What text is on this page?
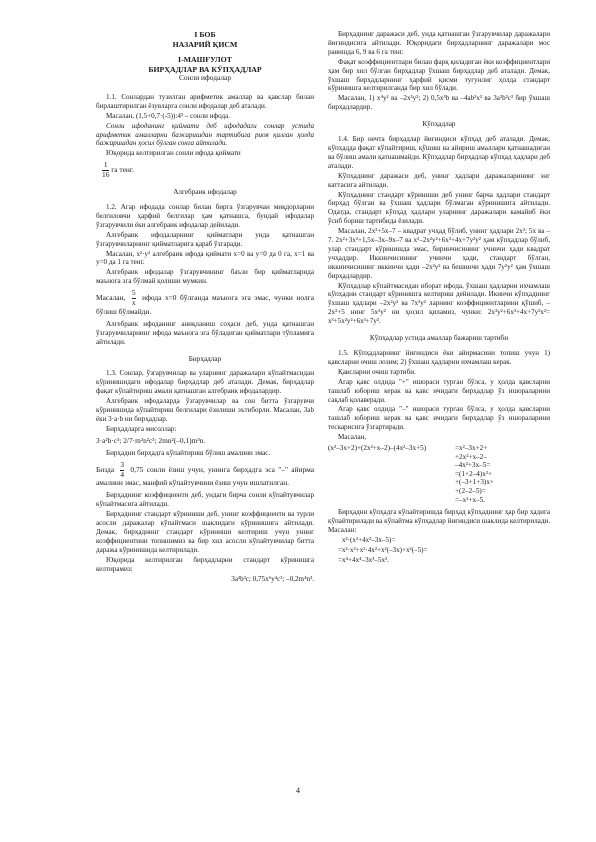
I БОБ
НАЗАРИЙ ҚИСМ
I-МАШҒУЛОТ
БИРҲАДЛАР ВА КЎПҲАДЛАР
Сонли ифодалар

1.1. Сонлардан тузилган арифметик амаллар ва қавслар билан бирлаштирилган ёзувларга сонли ифодалар деб аталади.

Масалан, (1,5+0,7·(-5)):4³ – сонли ифода.

Сонли ифоданинг қиймати деб ифодадаги сонлар устида арифметик амалларни бажаришдан тартибига риоя қилган ҳолда бажаришдан ҳосил бўлган сонга айтилади.

Юқорида келтирилган сонли ифода қиймати

$\frac{1}{16}$ га тенг.
Алгебраик ифодалар

1.2. Агар ифодада сонлар билан бирга ўзгарувчан миқдорларни белгиловчи ҳарфий белгилар ҳам қатнашса, бундай ифодалар ўзгарувчили ёки алгебраик ифодалар дейилади.

Алгебраик ифодаларнинг қийматлари унда қатнашган ўзгарувчиларнинг қийматларига қараб ўзгаради.

Масалан, x²·y² алгебраик ифода қиймати x=0 ва y=0 да 0 га, x=1 ва y=0 да 1 га тенг.

Алгебраик ифодалар ўзгарувчининг баъзи бир қийматларида маънога эга бўлмай қолиши мумкин.

Масалан, $\frac{5}{x}$ ифода x=0 бўлганда маънога эга эмас, чунки нолга бўлиш бўлмайди.

Алгебраик ифоданинг аниқланиш соҳаси деб, унда қатнашган ўзгарувчиларнинг ифода маънога эга бўладиган қийматлари тўпламига айтилади.

Бирҳадлар

1.3. Сонлар, ўзгарувчилар ва уларнинг даражалари кўпайтмасидан кўринишидаги ифодалар бирҳадлар деб аталади. Демак, бирҳадлар фақат кўпайтириш амали қатнашган алгебраик ифодалардир.

Алгебраик ифодаларда ўзгарувчилар ва сон битта ўзгарувчи кўринишида кўпайтириш белгилари ёзилиши эътиборли. Масалан, 3ab ёки 3·a·b ни бирҳадлар.

Бирҳадларга мисоллар:

3·a²b·c³; 2/7·m²n²c³; 2mn²(–0,1)m³n.

Бирҳадни бирҳадга кўпайтириш бўлиш амалини эмас.

Бизда $\frac{3}{4} 0,75$ сонли ёзиш учун, унинга бирҳадга эса "–" айирма амалини эмас, манфий кўпайтувчини ёзиш учун ишлатилган.

Бирҳаднинг коэффициенти деб, ундаги бирча сонли кўпайтувчилар кўпайтмасига айтилади.

Бирҳаднинг стандарт кўриниши деб, унинг коэффициенти ва турли асосли даражалар кўпайтмаси шаклидаги кўринишига айтилади. Демак, бирҳаднинг стандарт кўриниши келтириш учун унинг коэффициентини топишимиз ва бир хил асосли кўпайтувчилар битта даража кўринишида келтирилади.

Юқорида келтирилган бирҳадларни стандарт кўринишга келтирамиз:

3a³b³c; 0,75x⁶y⁴c²; –0,2m⁴n³.

Бирҳаднинг даражаси деб, унда қатнашган ўзгарувчилар даражалари йиғиндисига айтилади. Юқоридаги бирҳадларнинг даражалари мос равишда 6, 9 ва 6 га тенг.

Фақат коэффициентлари билан фарқ қиладиган ёки коэффициентлари ҳам бир хил бўлган бирҳадлар ўхшаш бирҳадлар деб аталади. Демак, ўхшаш бирҳадларнинг ҳарфий қисми тугунлиг ҳолда стандарт кўринишга келтирилганда бир хил бўлади.

Масалан, 1) x⁴y² ва –2x²y²; 2) 0,5x³b ва –4ab²x³ ва 3a²b²c³ бир ўхшаш бирҳадлардир.

Кўпҳадлар

1.4. Бир нечта бирҳадлар йиғиндиси кўпҳад деб аталади. Демак, кўпҳадда фақат кўпайтириш, қўшиш ва айириш амаллари қатнашадиган ва бўлиш амали қатнашмайди. Кўпҳадлар бирҳадлар кўпҳад ҳадлари деб аталади.

Кўпҳаднинг даражаси деб, унинг ҳадлари даражаларининг энг каттасига айтилади.

Кўпҳаднинг стандарт кўриниши деб унинг барча ҳадлари стандарт бирҳад бўлган ва ўхшаш ҳадлари бўлмаган кўринишига айтилади. Одатда, стандарт кўпҳад ҳадлари уларнинг даражалари камайиб ёки ўсиб бориш тартибида ёзилади.

Масалан, 2x²+5x–7 – квадрат учҳад бўлиб, унинг ҳадлари 2x²; 5x ва –7. 2x²+3x²+1,5x–3x–9x–7 ва x³–2x²y²+6x³+4x+7y²y² ҳам кўпҳадлар бўлиб, улар стандарт кўринишда эмас, биринчисининг учинчи ҳади квадрат учҳаддир. Иккинчисининг учинчи ҳади, стандарт бўлган, иккинчисининг иккинчи ҳади –2x²y² ва бешинчи ҳади 7y²y² ҳам ўхшаш бирҳадлардир.

Кўпҳадлар кўпайтмасидан иборат ифода, ўхшаш ҳадларни ихчамлаш кўпҳадни стандарт кўринишга келтириш дейилади. Икинчи кўпҳаднинг ўхшаш ҳадлари –2x²y² ва 7x²y² ларнинг коэффициентларини қўшиб, –2x²+5 нинг 5x²y² ни ҳосил қиламиз, чунки: 2x³y²+6x³+4x+7y²x²= x³+5x²y²+6x³+7y².

Кўпҳадлар устида амаллар бажариш тартиби

1.5. Кўпҳадларнинг йиғиндиси ёки айирмасини топиш учун 1) қавсларни очиш лозим; 2) ўхшаш ҳадларни ихчамлаш керак.

Қавсларни очиш тартиби.

Агар қавс олдида "+" ишораси турган бўлса, у ҳолда қавсларни ташлаб юбориш керак ва қавс ичидаги бирҳадлар ўз ишораларини сақлаб қолаверади.

Агар қавс олдида "–" ишораси турган бўлса, у ҳолда қавсларни ташлаб юбориш керак ва қавс ичидаги бирҳадлар ўз ишораларини тескарисига ўзгартиради.

Масалан,

(x²–3x+2)+(2x²+x–2)–(4x²–3x+5)	=x²–3x+2+
+2x²+x–2–
–4x²+3x–5=
=(1+2–4)x²+
+(–3+1+3)x+
+(2–2–5)=
=–x²+x–5.

Бирҳадни кўпҳадга кўпайтиришда бирҳад кўпҳаднинг ҳар бир ҳадига кўпайтирилади ва кўпайтма кўпҳадлар йиғиндиси шаклида келтирилади. Масалан:

x²·(x²+4x²–3x–5)=

=x²·x²+x²·4x²+x²(–3x)+x²(–5)=

=x⁴+4x⁴–3x³–5x².

4
